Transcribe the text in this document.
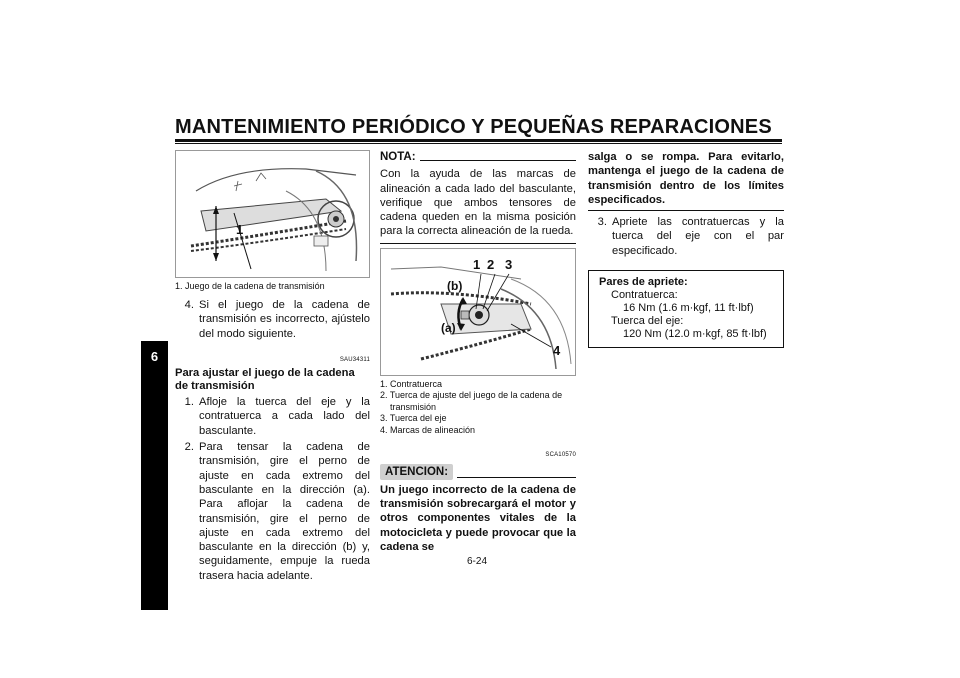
MANTENIMIENTO PERIÓDICO Y PEQUEÑAS REPARACIONES
6
1
1. Juego de la cadena de transmisión
4. Si el juego de la cadena de transmisión es incorrecto, ajústelo del modo siguiente.
SAU34311
Para ajustar el juego de la cadena de transmisión
1. Afloje la tuerca del eje y la contratuerca a cada lado del basculante.
2. Para tensar la cadena de transmisión, gire el perno de ajuste en cada extremo del basculante en la dirección (a). Para aflojar la cadena de transmisión, gire el perno de ajuste en cada extremo del basculante en la dirección (b) y, seguidamente, empuje la rueda trasera hacia adelante.
NOTA:
Con la ayuda de las marcas de alineación a cada lado del basculante, verifique que ambos tensores de cadena queden en la misma posición para la correcta alineación de la rueda.
1 2 3
4
(b)
(a)
1. Contratuerca
2. Tuerca de ajuste del juego de la cadena de transmisión
3. Tuerca del eje
4. Marcas de alineación
SCA10570
ATENCION:
Un juego incorrecto de la cadena de transmisión sobrecargará el motor y otros componentes vitales de la motocicleta y puede provocar que la cadena se
salga o se rompa. Para evitarlo, mantenga el juego de la cadena de transmisión dentro de los límites especificados.
3. Apriete las contratuercas y la tuerca del eje con el par especificado.
Pares de apriete:
Contratuerca:
16 Nm (1.6 m·kgf, 11 ft·lbf)
Tuerca del eje:
120 Nm (12.0 m·kgf, 85 ft·lbf)
6-24
